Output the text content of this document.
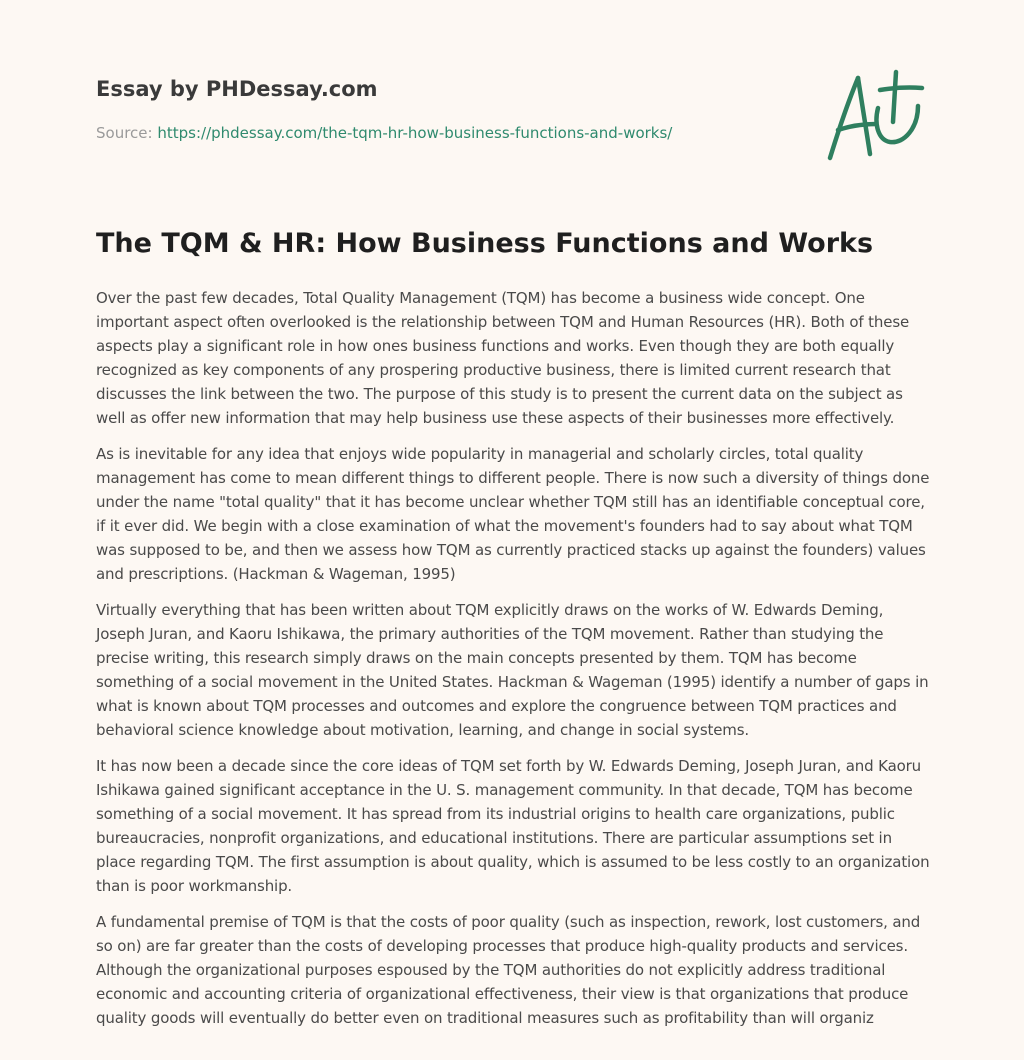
Essay by PHDessay.com
Source: https://phdessay.com/the-tqm-hr-how-business-functions-and-works/
The TQM & HR: How Business Functions and Works

Over the past few decades, Total Quality Management (TQM) has become a business wide concept. One important aspect often overlooked is the relationship between TQM and Human Resources (HR). Both of these aspects play a significant role in how ones business functions and works. Even though they are both equally recognized as key components of any prospering productive business, there is limited current research that discusses the link between the two. The purpose of this study is to present the current data on the subject as well as offer new information that may help business use these aspects of their businesses more effectively.

As is inevitable for any idea that enjoys wide popularity in managerial and scholarly circles, total quality management has come to mean different things to different people. There is now such a diversity of things done under the name "total quality" that it has become unclear whether TQM still has an identifiable conceptual core, if it ever did. We begin with a close examination of what the movement's founders had to say about what TQM was supposed to be, and then we assess how TQM as currently practiced stacks up against the founders) values and prescriptions. (Hackman & Wageman, 1995)

Virtually everything that has been written about TQM explicitly draws on the works of W. Edwards Deming, Joseph Juran, and Kaoru Ishikawa, the primary authorities of the TQM movement. Rather than studying the precise writing, this research simply draws on the main concepts presented by them. TQM has become something of a social movement in the United States. Hackman & Wageman (1995) identify a number of gaps in what is known about TQM processes and outcomes and explore the congruence between TQM practices and behavioral science knowledge about motivation, learning, and change in social systems.

It has now been a decade since the core ideas of TQM set forth by W. Edwards Deming, Joseph Juran, and Kaoru Ishikawa gained significant acceptance in the U. S. management community. In that decade, TQM has become something of a social movement. It has spread from its industrial origins to health care organizations, public bureaucracies, nonprofit organizations, and educational institutions. There are particular assumptions set in place regarding TQM. The first assumption is about quality, which is assumed to be less costly to an organization than is poor workmanship.

A fundamental premise of TQM is that the costs of poor quality (such as inspection, rework, lost customers, and so on) are far greater than the costs of developing processes that produce high-quality products and services. Although the organizational purposes espoused by the TQM authorities do not explicitly address traditional economic and accounting criteria of organizational effectiveness, their view is that organizations that produce quality goods will eventually do better even on traditional measures such as profitability than will organiz
